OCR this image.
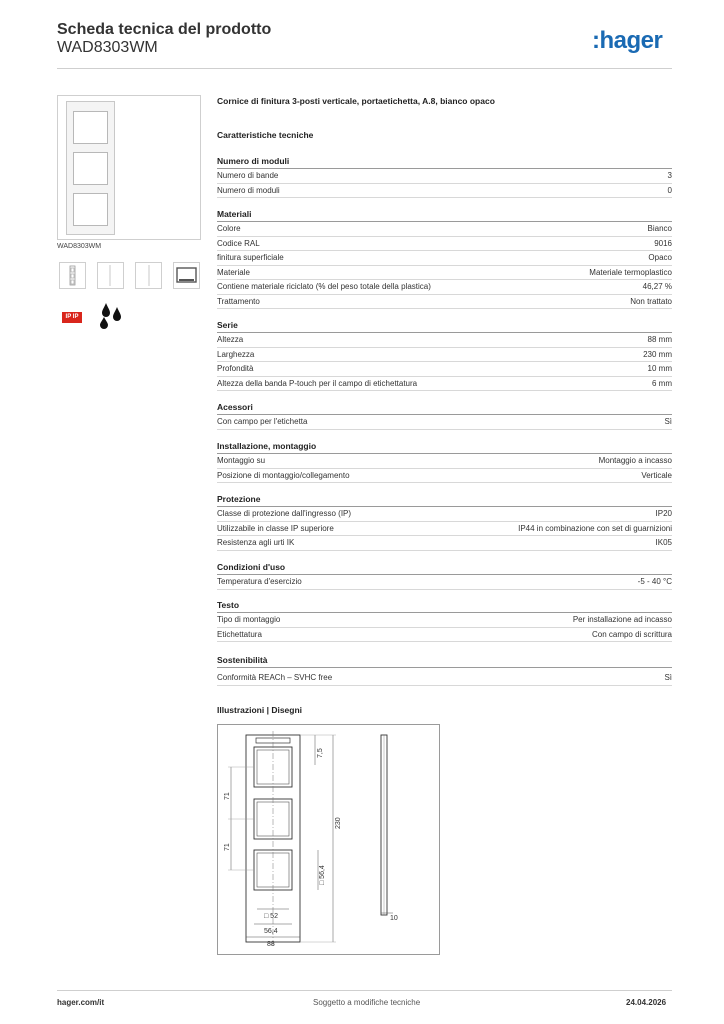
Scheda tecnica del prodotto
WAD8303WM	:hager
WAD8303WM
IP IP
Cornice di finitura 3-posti verticale, portaetichetta, A.8, bianco opaco
Caratteristiche tecniche
Numero di moduli
Numero di bande	3
Numero di moduli	0
Materiali
Colore	Bianco
Codice RAL	9016
finitura superficiale	Opaco
Materiale	Materiale termoplastico
Contiene materiale riciclato (% del peso totale della plastica)	46,27 %
Trattamento	Non trattato
Serie
Altezza	88 mm
Larghezza	230 mm
Profondità	10 mm
Altezza della banda P-touch per il campo di etichettatura	6 mm
Acessori
Con campo per l'etichetta	Sì
Installazione, montaggio
Montaggio su	Montaggio a incasso
Posizione di montaggio/collegamento	Verticale
Protezione
Classe di protezione dall'ingresso (IP)	IP20
Utilizzabile in classe IP superiore	IP44 in combinazione con set di guarnizioni
Resistenza agli urti IK	IK05
Condizioni d'uso
Temperatura d'esercizio	-5 - 40 °C
Testo
Tipo di montaggio	Per installazione ad incasso
Etichettatura	Con campo di scrittura
Sostenibilità
Conformità REACh – SVHC free	Sì
Illustrazioni | Disegni
7,5
71
71
230
□ 56,4
□ 52
56,4
88
10
hager.com/it	Soggetto a modifiche tecniche	24.04.2026
